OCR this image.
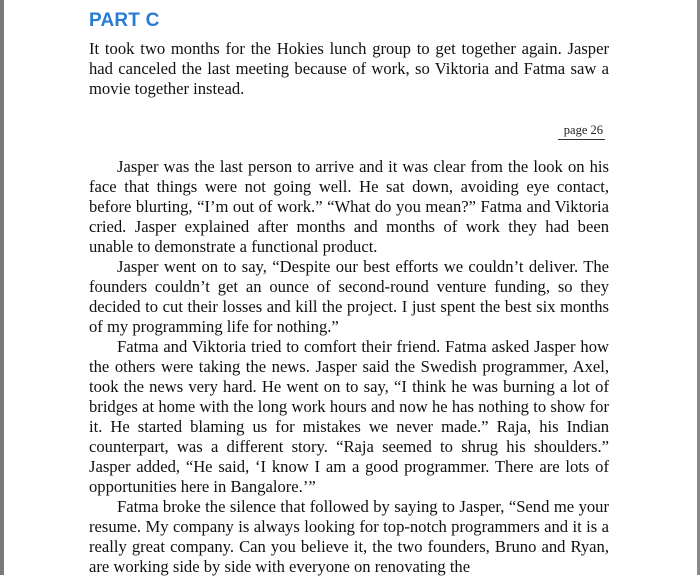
PART C

It took two months for the Hokies lunch group to get together again. Jasper had canceled the last meeting because of work, so Viktoria and Fatma saw a movie together instead.

page 26

Jasper was the last person to arrive and it was clear from the look on his face that things were not going well. He sat down, avoiding eye contact, before blurting, “I’m out of work.” “What do you mean?” Fatma and Viktoria cried. Jasper explained after months and months of work they had been unable to demonstrate a functional product.

Jasper went on to say, “Despite our best efforts we couldn’t deliver. The founders couldn’t get an ounce of second-round venture funding, so they decided to cut their losses and kill the project. I just spent the best six months of my programming life for nothing.”

Fatma and Viktoria tried to comfort their friend. Fatma asked Jasper how the others were taking the news. Jasper said the Swedish programmer, Axel, took the news very hard. He went on to say, “I think he was burning a lot of bridges at home with the long work hours and now he has nothing to show for it. He started blaming us for mistakes we never made.” Raja, his Indian counterpart, was a different story. “Raja seemed to shrug his shoulders.” Jasper added, “He said, ‘I know I am a good programmer. There are lots of opportunities here in Bangalore.’”

Fatma broke the silence that followed by saying to Jasper, “Send me your resume. My company is always looking for top-notch programmers and it is a really great company. Can you believe it, the two founders, Bruno and Ryan, are working side by side with everyone on renovating the
